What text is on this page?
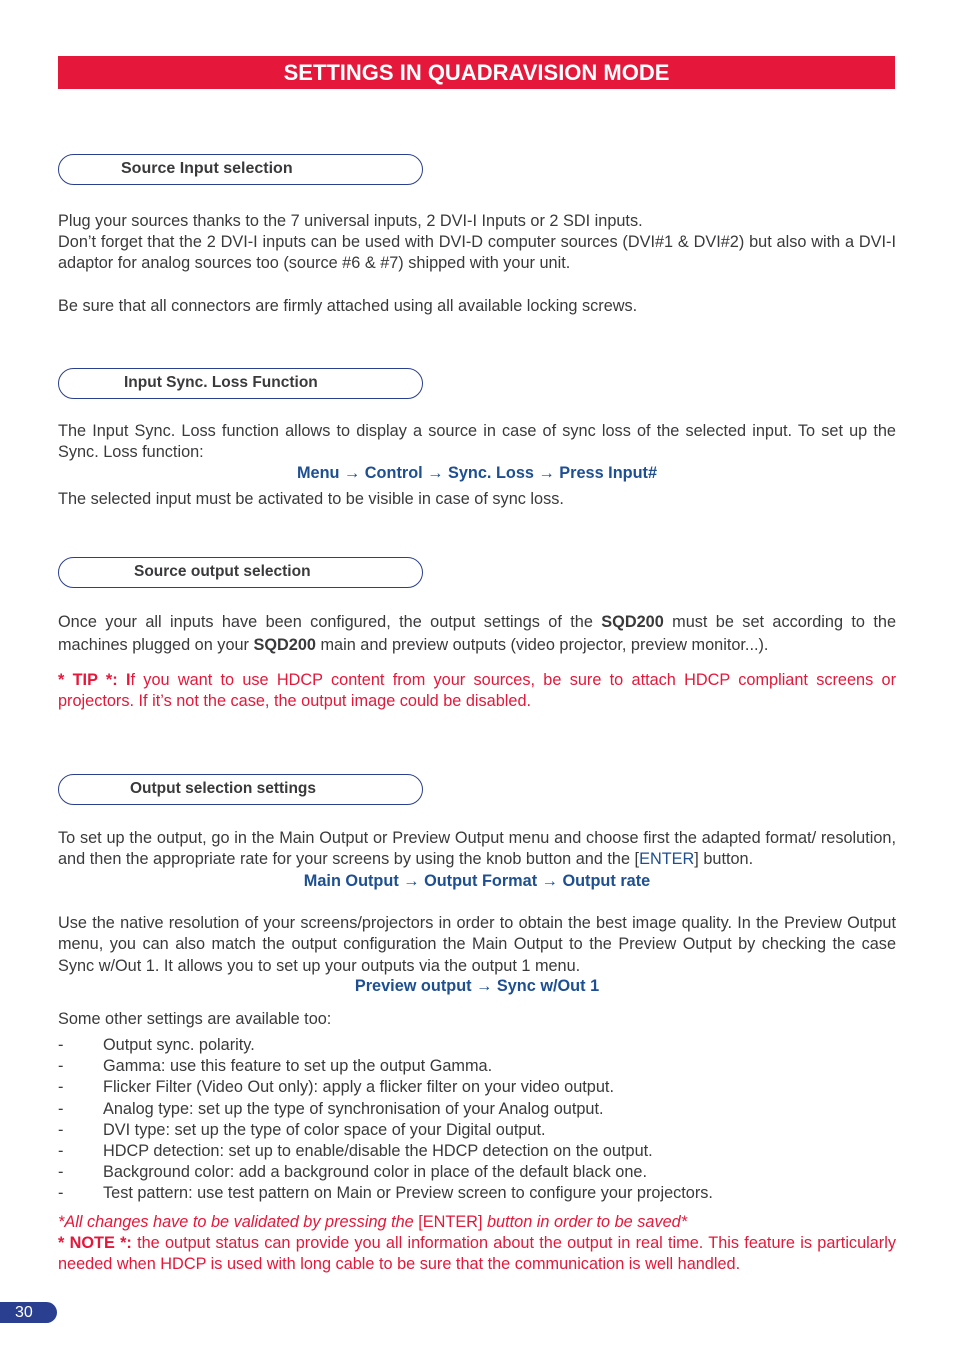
SETTINGS IN QUADRAVISION MODE
Source Input selection

Plug your sources thanks to the 7 universal inputs, 2 DVI-I Inputs or 2 SDI inputs.

Don’t forget that the 2 DVI-I inputs can be used with DVI-D computer sources (DVI#1 & DVI#2) but also with a DVI-I adaptor for analog sources too (source #6 & #7) shipped with your unit.

Be sure that all connectors are firmly attached using all available locking screws.

Input Sync. Loss Function

The Input Sync. Loss function allows to display a source in case of sync loss of the selected input. To set up the Sync. Loss function:

Menu → Control → Sync. Loss → Press Input#

The selected input must be activated to be visible in case of sync loss.

Source output selection

Once your all inputs have been configured, the output settings of the SQD200 must be set according to the machines plugged on your SQD200 main and preview outputs (video projector, preview monitor...).

* TIP *: If you want to use HDCP content from your sources, be sure to attach HDCP compliant screens or projectors. If it’s not the case, the output image could be disabled.

Output selection settings

To set up the output, go in the Main Output or Preview Output menu and choose first the adapted format/ resolution, and then the appropriate rate for your screens by using the knob button and the [ENTER] button.

Main Output → Output Format → Output rate

Use the native resolution of your screens/projectors in order to obtain the best image quality. In the Preview Output menu, you can also match the output configuration the Main Output to the Preview Output by checking the case Sync w/Out 1. It allows you to set up your outputs via the output 1 menu.

Preview output → Sync w/Out 1

Some other settings are available too:

- Output sync. polarity.
- Gamma: use this feature to set up the output Gamma.
- Flicker Filter (Video Out only): apply a flicker filter on your video output.
- Analog type: set up the type of synchronisation of your Analog output.
- DVI type: set up the type of color space of your Digital output.
- HDCP detection: set up to enable/disable the HDCP detection on the output.
- Background color: add a background color in place of the default black one.
- Test pattern: use test pattern on Main or Preview screen to configure your projectors.

*All changes have to be validated by pressing the [ENTER] button in order to be saved*

* NOTE *: the output status can provide you all information about the output in real time. This feature is particularly needed when HDCP is used with long cable to be sure that the communication is well handled.

30
